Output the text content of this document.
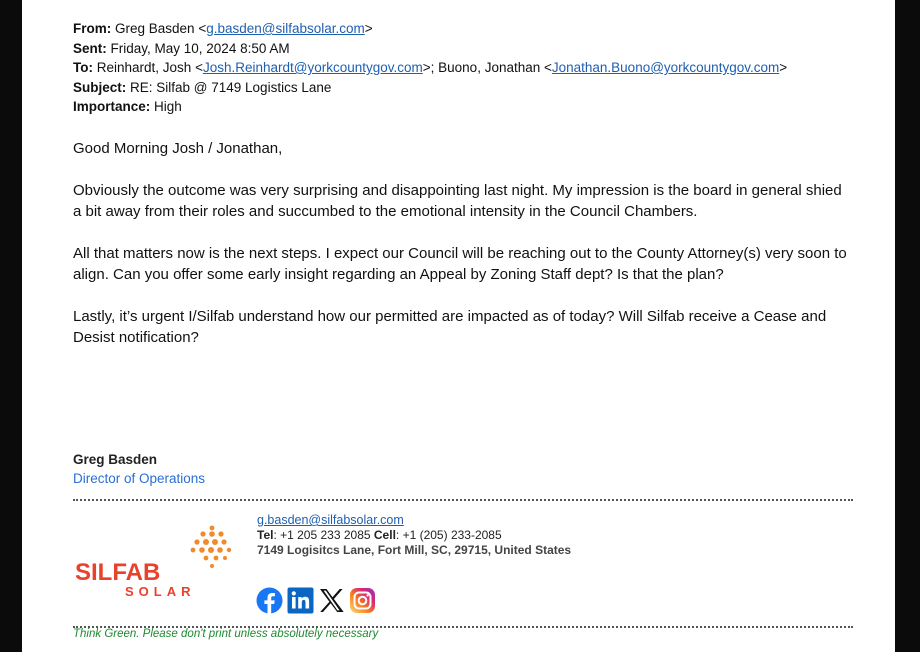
From: Greg Basden <g.basden@silfabsolar.com>
Sent: Friday, May 10, 2024 8:50 AM
To: Reinhardt, Josh <Josh.Reinhardt@yorkcountygov.com>; Buono, Jonathan <Jonathan.Buono@yorkcountygov.com>
Subject: RE: Silfab @ 7149 Logistics Lane
Importance: High

Good Morning Josh / Jonathan,

Obviously the outcome was very surprising and disappointing last night. My impression is the board in general shied a bit away from their roles and succumbed to the emotional intensity in the Council Chambers.

All that matters now is the next steps. I expect our Council will be reaching out to the County Attorney(s) very soon to align. Can you offer some early insight regarding an Appeal by Zoning Staff dept? Is that the plan?

Lastly, it’s urgent I/Silfab understand how our permitted are impacted as of today? Will Silfab receive a Cease and Desist notification?

Greg Basden
Director of Operations
SILFAB
SOLAR
g.basden@silfabsolar.com
Tel: +1 205 233 2085 Cell: +1 (205) 233-2085
7149 Logisitcs Lane, Fort Mill, SC, 29715, United States
Think Green. Please don't print unless absolutely necessary
